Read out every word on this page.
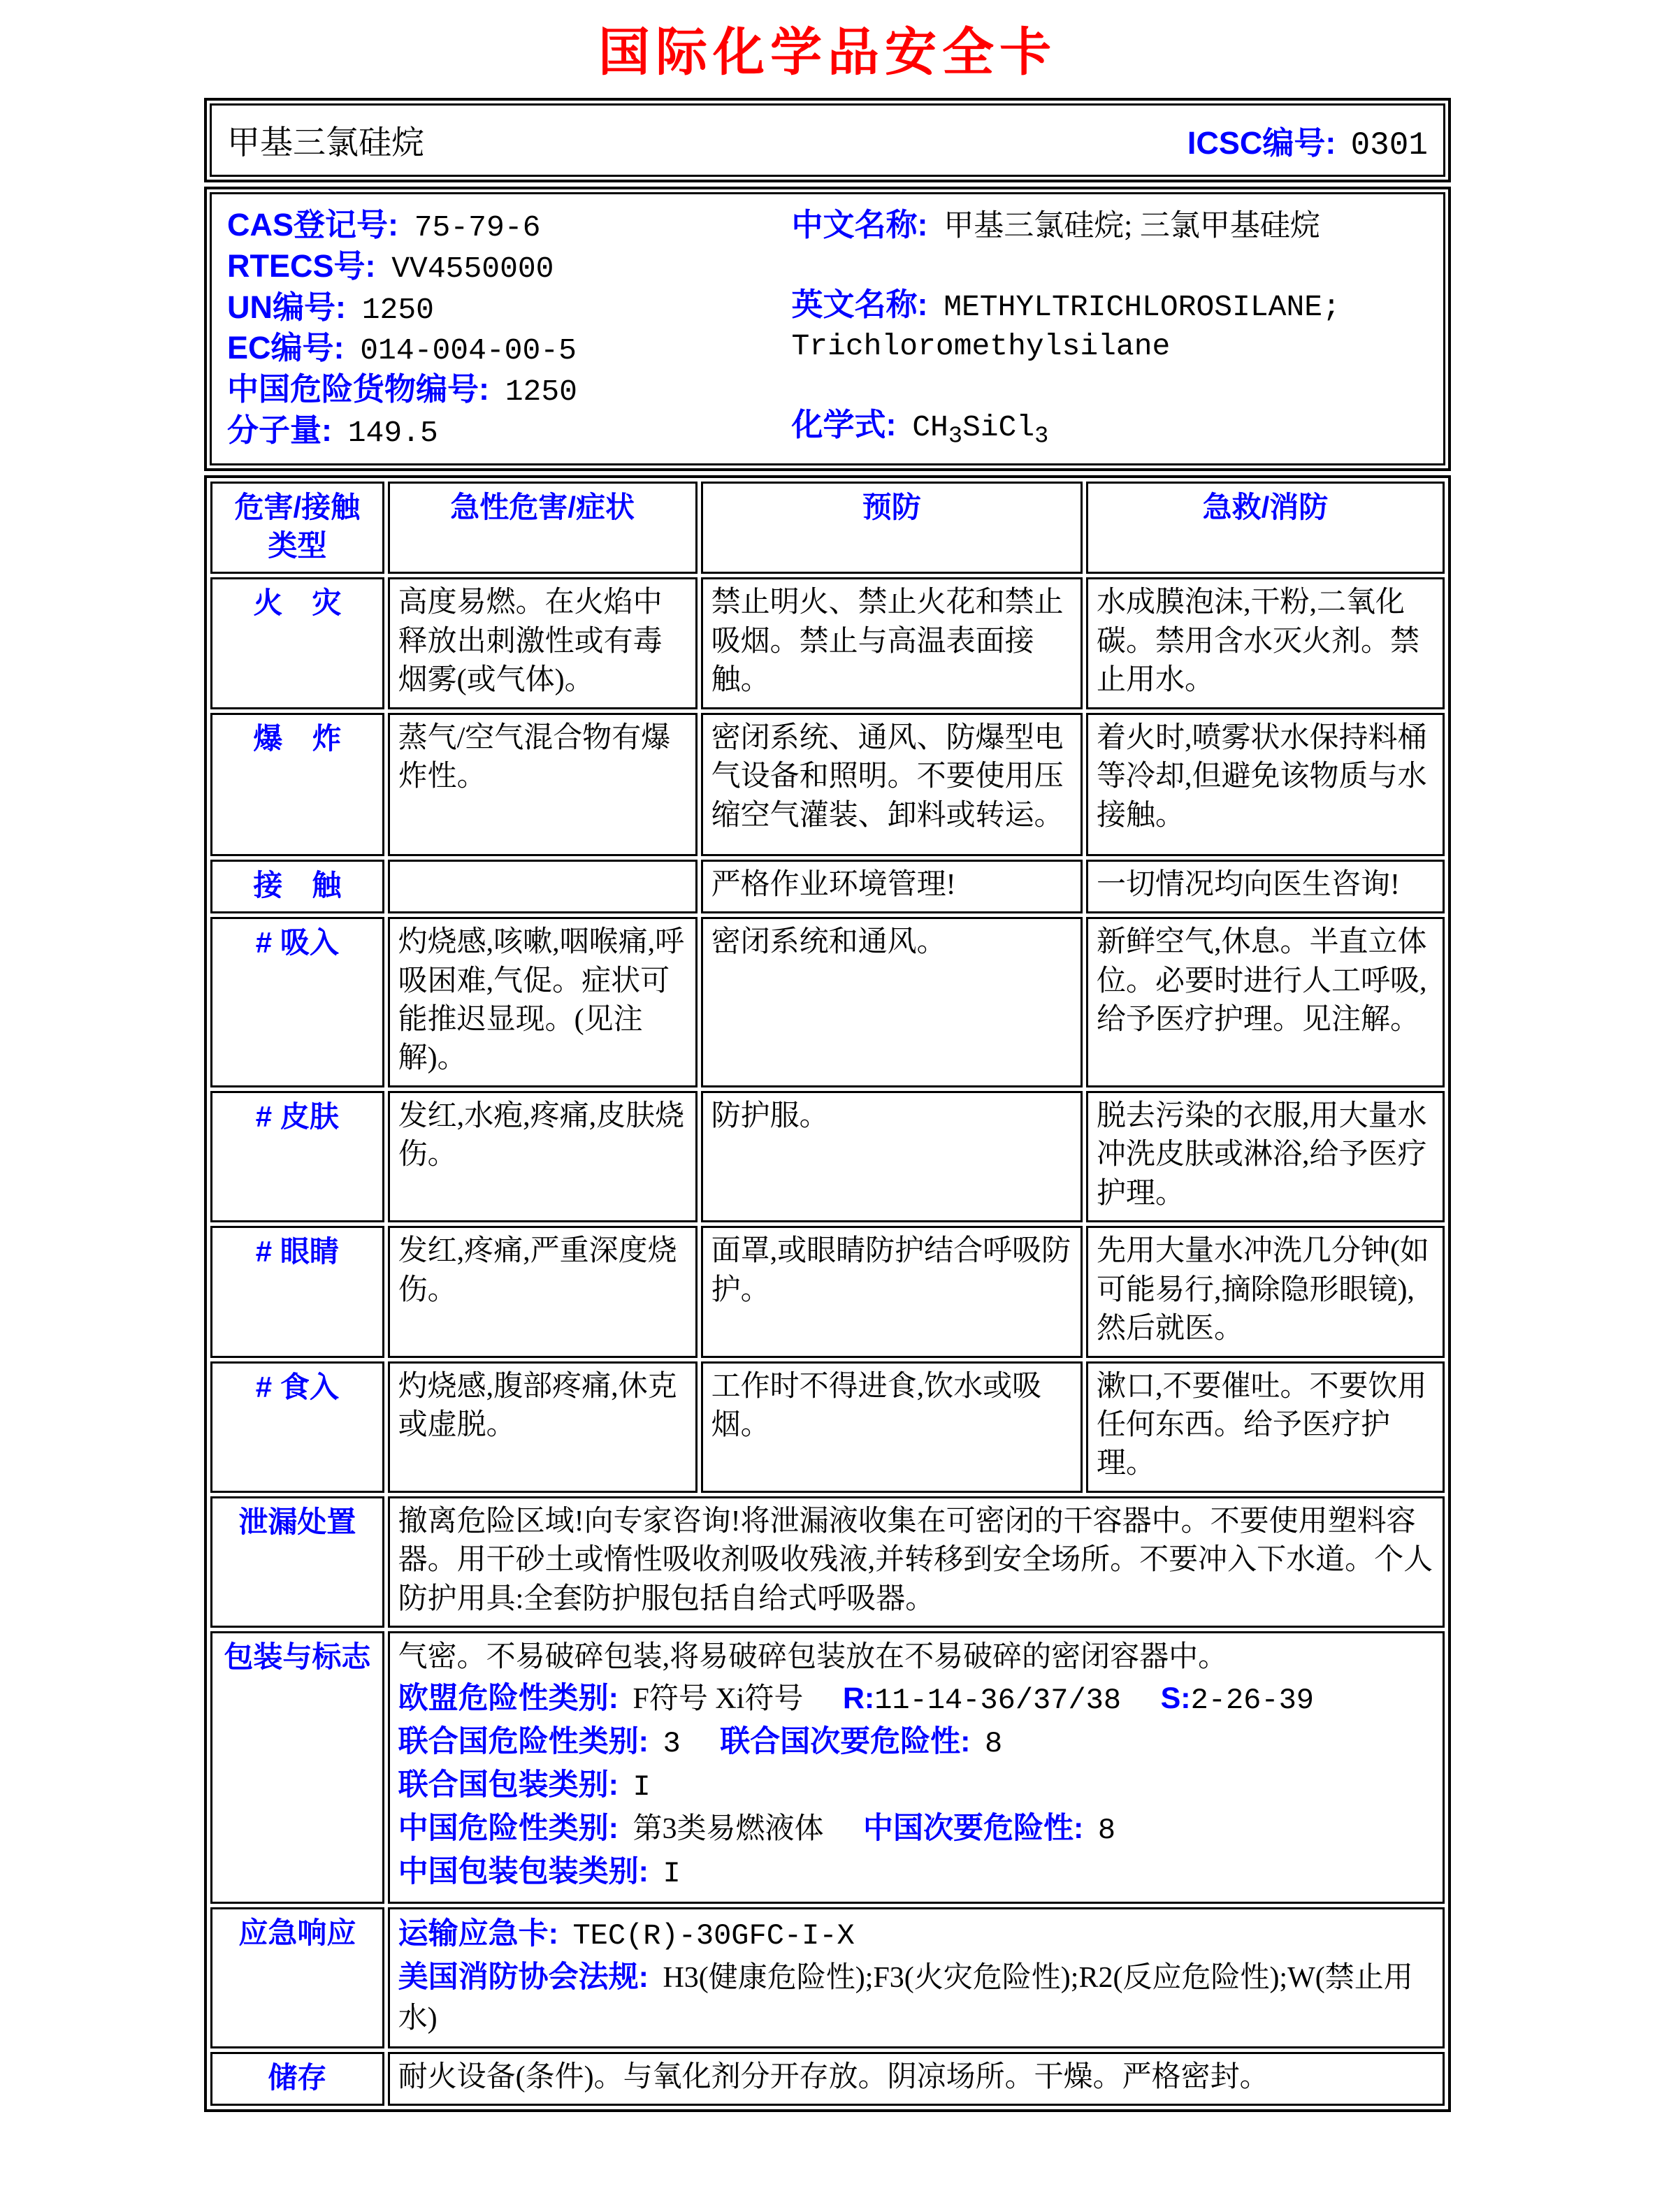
国际化学品安全卡
甲基三氯硅烷	ICSC编号: 0301
CAS登记号: 75-79-6
RTECS号: VV4550000
UN编号: 1250
EC编号: 014-004-00-5
中国危险货物编号: 1250
分子量: 149.5
中文名称: 甲基三氯硅烷; 三氯甲基硅烷
英文名称: METHYLTRICHLOROSILANE; Trichloromethylsilane
化学式: $CH_3SiCl_3$
危害/接触
类型	急性危害/症状	预防	急救/消防
火　灾	高度易燃。在火焰中释放出刺激性或有毒烟雾(或气体)。	禁止明火、禁止火花和禁止吸烟。禁止与高温表面接触。	水成膜泡沫,干粉,二氧化碳。禁用含水灭火剂。禁止用水。
爆　炸	蒸气/空气混合物有爆炸性。	密闭系统、通风、防爆型电气设备和照明。不要使用压缩空气灌装、卸料或转运。	着火时,喷雾状水保持料桶等冷却,但避免该物质与水接触。
接　触		严格作业环境管理!	一切情况均向医生咨询!
# 吸入	灼烧感,咳嗽,咽喉痛,呼吸困难,气促。症状可能推迟显现。(见注解)。	密闭系统和通风。	新鲜空气,休息。半直立体位。必要时进行人工呼吸,给予医疗护理。见注解。
# 皮肤	发红,水疱,疼痛,皮肤烧伤。	防护服。	脱去污染的衣服,用大量水冲洗皮肤或淋浴,给予医疗护理。
# 眼睛	发红,疼痛,严重深度烧伤。	面罩,或眼睛防护结合呼吸防护。	先用大量水冲洗几分钟(如可能易行,摘除隐形眼镜),然后就医。
# 食入	灼烧感,腹部疼痛,休克或虚脱。	工作时不得进食,饮水或吸烟。	漱口,不要催吐。不要饮用任何东西。给予医疗护理。
泄漏处置	撤离危险区域!向专家咨询!将泄漏液收集在可密闭的干容器中。不要使用塑料容器。用干砂土或惰性吸收剂吸收残液,并转移到安全场所。不要冲入下水道。个人防护用具:全套防护服包括自给式呼吸器。		
包装与标志	气密。不易破碎包装,将易破碎包装放在不易破碎的密闭容器中。
欧盟危险性类别: F符号 Xi符号 R:11-14-36/37/38 S:2-26-39
联合国危险性类别: 3 联合国次要危险性: 8
联合国包装类别: I
中国危险性类别: 第3类易燃液体 中国次要危险性: 8
中国包装包装类别: I

应急响应	运输应急卡: TEC(R)-30GFC-I-X
美国消防协会法规: H3(健康危险性);F3(火灾危险性);R2(反应危险性);W(禁止用水)		

储存	耐火设备(条件)。与氧化剂分开存放。阴凉场所。干燥。严格密封。		
